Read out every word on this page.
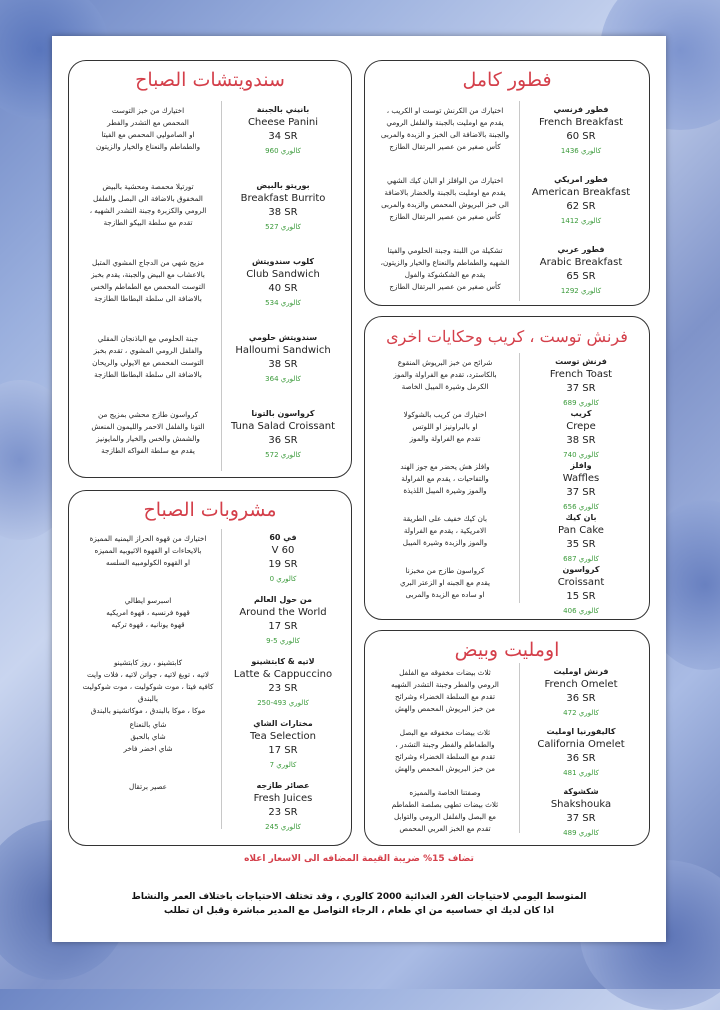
فطور كامل
فطور فرنسي
French Breakfast
60 SR
كالوري 1436
اختيارك من الكرنش توست او الكريب ،
يقدم مع اومليت بالجبنة والفلفل الرومي
والجبنة بالاضافة الى الخبز و الزبدة والمربى
كأس صغير من عصير البرتقال الطازج
فطور امريكي
American Breakfast
62 SR
كالوري 1412
اختيارك من الوافلز او البان كيك الشهي
يقدم مع اومليت بالجبنة والخضار بالاضافة
الى خبز البريوش المحمص والزبدة والمربى
كأس صغير من عصير البرتقال الطازج
فطور عربي
Arabic Breakfast
65 SR
كالوري 1292
تشكيلة من اللبنة وجبنة الحلومي والفيتا
الشهيه والطماطم والنعناع والخيار والزيتون،
يقدم مع الشكشوكة والفول
كأس صغير من عصير البرتقال الطازج
سندويتشات الصباح
بانيني بالجبنة
Cheese Panini
34 SR
كالوري 960
اختيارك من خبز التوست
المحمص مع التشدر والفطر
او الصاموليي المحمص مع الفيتا
والطماطم والنعناع والخيار والزيتون
بوريتو بالبيض
Breakfast Burrito
38 SR
كالوري 527
تورتيلا محمصة ومحشية بالبيض
المخفوق بالاضافة الى البصل والفلفل
الرومي والكزبرة وجبنة التشدر الشهيه ،
تقدم مع سلطة البيكو الطازجة
كلوب سندويتش
Club Sandwich
40 SR
كالوري 534
مزيج شهي من الدجاج المشوي المتبل
بالاعشاب مع البيض والجبنة، يقدم بخبز
التوست المحمص مع الطماطم والخس
بالاضافة الى سلطة البطاطا الطازجة
سندويتش حلومي
Halloumi Sandwich
38 SR
كالوري 364
جبنة الحلومي مع الباذنجان المقلي
والفلفل الرومي المشوي ، تقدم بخبز
التوست المحمص مع الايولي والريحان
بالاضافة الى سلطة البطاطا الطازجة
كرواسون بالتونا
Tuna Salad Croissant
36 SR
كالوري 572
كرواسون طازج محشي بمزيج من
التونا والفلفل الاحمر والليمون المنعش
والشمش والخس والخيار والمايونيز
يقدم مع سلطة الفواكه الطازجة
فرنش توست ، كريب وحكايات اخرى
فرنش توست
French Toast
37 SR
كالوري 689
شرائح من خبز البريوش المنقوع
بالكاسترد، تقدم مع الفراولة والموز
الكرمل وشيرة الميبل الخاصة
كريب
Crepe
38 SR
كالوري 740
اختيارك من كريب بالشوكولا
او بالبراونيز او اللوتس
تقدم مع الفراولة والموز
وافلز
Waffles
37 SR
كالوري 656
وافلز هش يحضر مع جوز الهند
والتفاحيات ، يقدم مع الفراولة
والموز وشيرة الميبل اللذيذة
بان كيك
Pan Cake
35 SR
كالوري 687
بان كيك خفيف على الطريقة
الامريكية ، يقدم مع الفراولة
والموز والزبدة وشيرة الميبل
كرواسون
Croissant
15 SR
كالوري 406
كرواسون طازج من مخبزنا
يقدم مع الجبنه او الزعتر البري
او ساده مع الزبدة والمربى
مشروبات الصباح
في 60
V 60
19 SR
كالوري 0
اختيارك من قهوة الحراز اليمنيه المميزة
بالايحاءات او القهوة الاثيوبيه المميزه
او القهوه الكولومبيه السلسه
من حول العالم
Around the World
17 SR
كالوري 5-9
اسبرسو ايطالي
قهوة فرنسيه ، قهوة امريكيه
قهوة يونانيه ، قهوة تركيه
لاتيه & كابتشينو
Latte & Cappuccino
23 SR
كالوري 493-250
كابتشينو ، روز كابتشينو
لاتيه ، توبغ لاتيه ، جوانن لاتيه ، فلات وايت
كافيه فيتا ، موت شوكوليت ، موت شوكوليت بالبندق
موكا ، موكا بالبندق ، موكاتشينو بالبندق
مختارات الشاي
Tea Selection
17 SR
كالوري 7
شاي بالنعناع
شاي بالحبق
شاي اخضر فاخر
عصائر طازجه
Fresh Juices
23 SR
كالوري 245
عصير برتقال
اومليت وبيض
فرنش اومليت
French Omelet
36 SR
كالوري 472
ثلاث بيضات مخفوقه مع الفلفل
الرومي والفطر وجبنة التشدر الشهيه
تقدم مع السلطة الخضراء وشرائح
من خبز البريوش المحمص والهش
كاليفورنيا اومليت
California Omelet
36 SR
كالوري 481
ثلاث بيضات مخفوقه مع البصل
والطماطم والفطر وجبنة التشدر ،
تقدم مع السلطة الخضراء وشرائح
من خبز البريوش المحمص والهش
شكشوكة
Shakshouka
37 SR
كالوري 489
وصفتنا الخاصة والمميزه
ثلاث بيضات تطهى بصلصة الطماطم
مع البصل والفلفل الرومي والتوابل
تقدم مع الخبز العربي المحمص
تضاف 15% ضريبة القيمة المضافه الى الاسعار اعلاه
المتوسط اليومي لاحتياجات الفرد الغذائية 2000 كالوري ، وقد تختلف الاحتياجات باختلاف العمر والنشاط
اذا كان لديك اي حساسيه من اي طعام ، الرجاء التواصل مع المدير مباشرة وقبل ان تطلب
